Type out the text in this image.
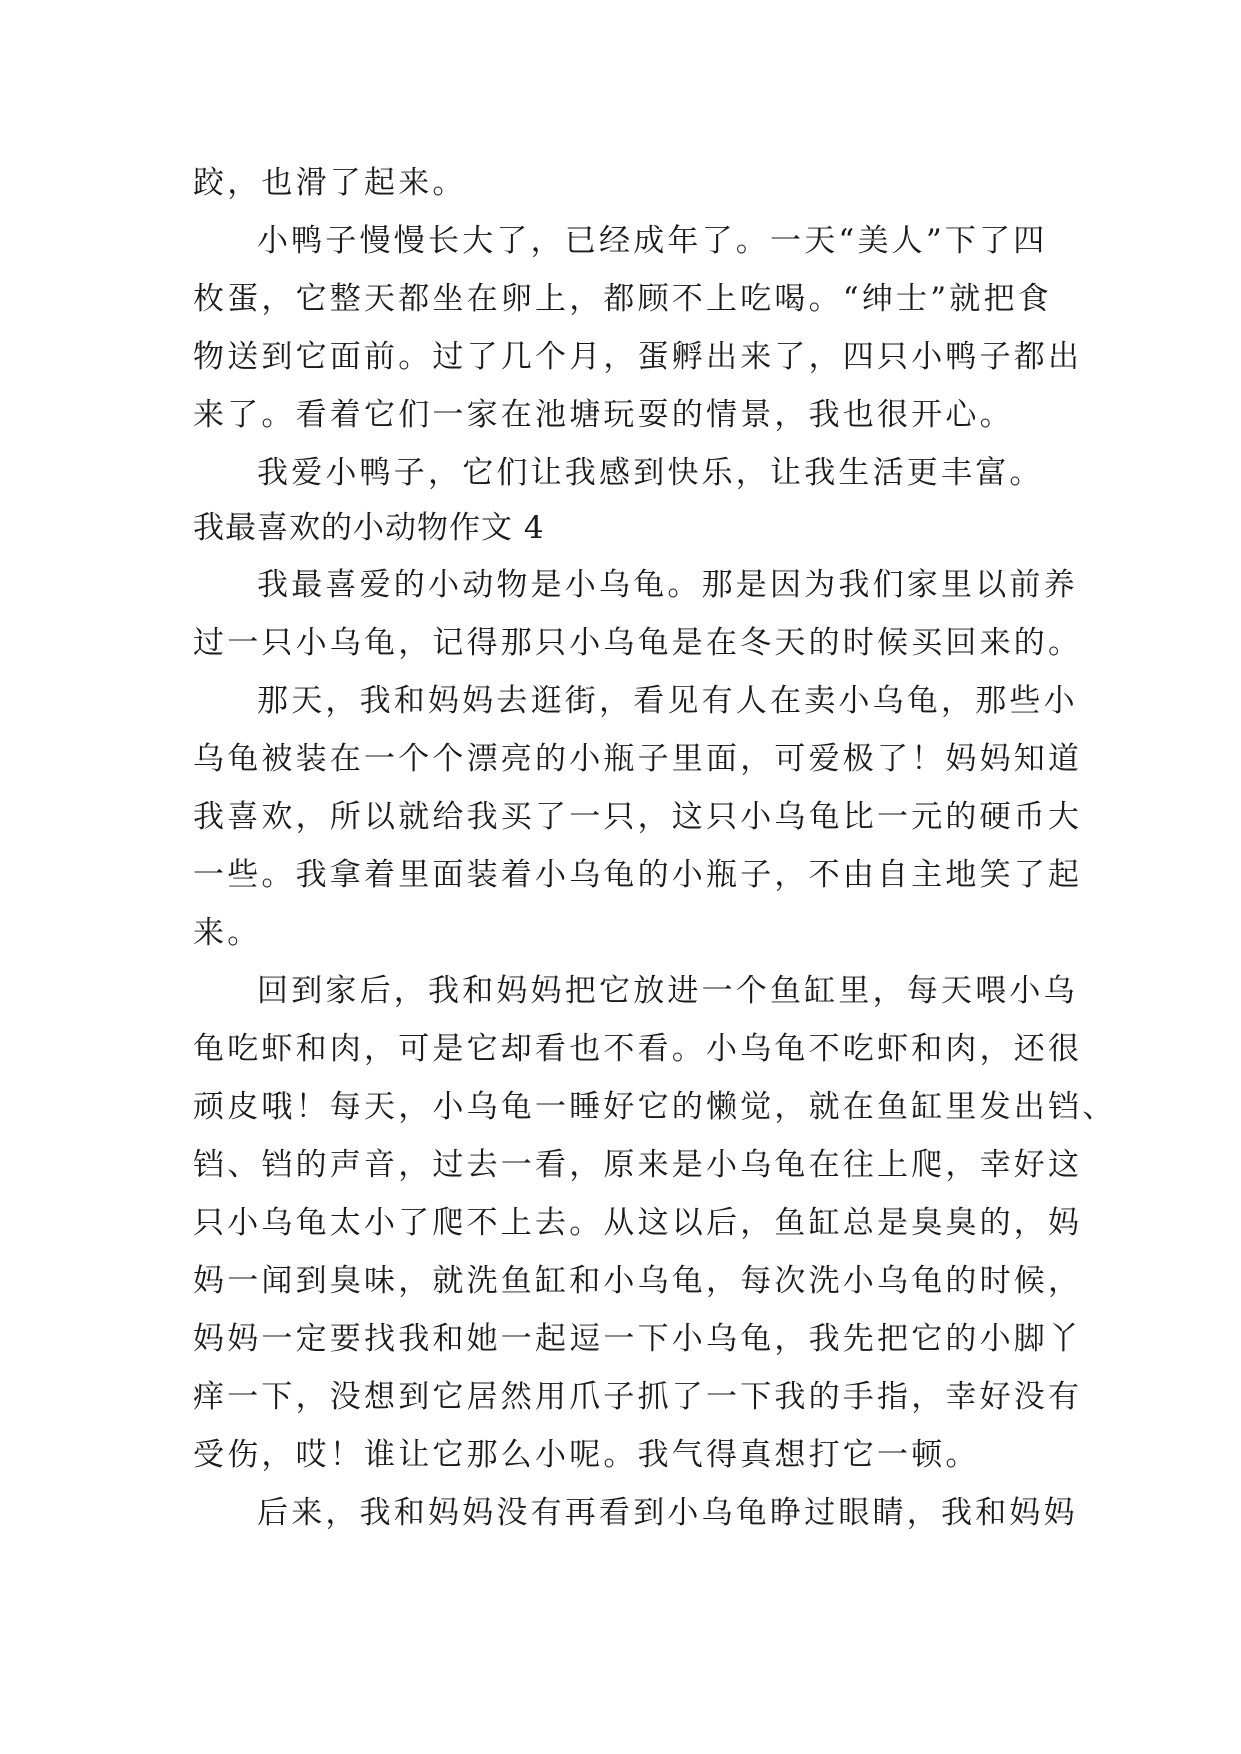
跤，也滑了起来。
小鸭子慢慢长大了，已经成年了。一天“美人”下了四
枚蛋，它整天都坐在卵上，都顾不上吃喝。“绅士”就把食
物送到它面前。过了几个月，蛋孵出来了，四只小鸭子都出
来了。看着它们一家在池塘玩耍的情景，我也很开心。
我爱小鸭子，它们让我感到快乐，让我生活更丰富。
我最喜欢的小动物作文 4
我最喜爱的小动物是小乌龟。那是因为我们家里以前养
过一只小乌龟，记得那只小乌龟是在冬天的时候买回来的。
那天，我和妈妈去逛街，看见有人在卖小乌龟，那些小
乌龟被装在一个个漂亮的小瓶子里面，可爱极了！妈妈知道
我喜欢，所以就给我买了一只，这只小乌龟比一元的硬币大
一些。我拿着里面装着小乌龟的小瓶子，不由自主地笑了起
来。
回到家后，我和妈妈把它放进一个鱼缸里，每天喂小乌
龟吃虾和肉，可是它却看也不看。小乌龟不吃虾和肉，还很
顽皮哦！每天，小乌龟一睡好它的懒觉，就在鱼缸里发出铛、
铛、铛的声音，过去一看，原来是小乌龟在往上爬，幸好这
只小乌龟太小了爬不上去。从这以后，鱼缸总是臭臭的，妈
妈一闻到臭味，就洗鱼缸和小乌龟，每次洗小乌龟的时候，
妈妈一定要找我和她一起逗一下小乌龟，我先把它的小脚丫
痒一下，没想到它居然用爪子抓了一下我的手指，幸好没有
受伤，哎！谁让它那么小呢。我气得真想打它一顿。
后来，我和妈妈没有再看到小乌龟睁过眼睛，我和妈妈
